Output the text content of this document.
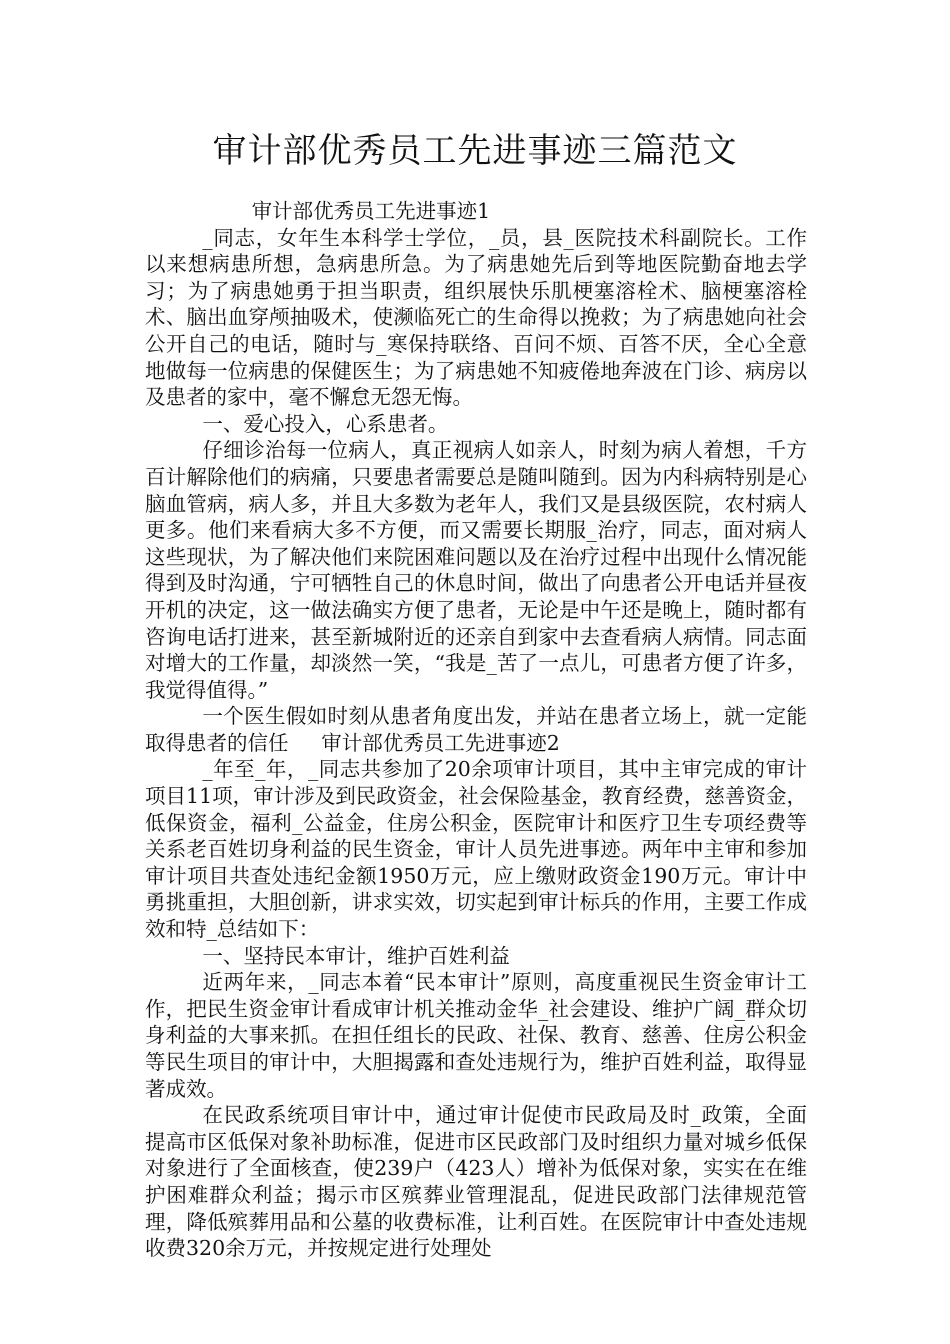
审计部优秀员工先进事迹三篇范文

审计部优秀员工先进事迹1

_同志，女年生本科学士学位，_员，县_医院技术科副院长。工作以来想病患所想，急病患所急。为了病患她先后到等地医院勤奋地去学习；为了病患她勇于担当职责，组织展快乐肌梗塞溶栓术、脑梗塞溶栓术、脑出血穿颅抽吸术，使濒临死亡的生命得以挽救；为了病患她向社会公开自己的电话，随时与_寒保持联络、百问不烦、百答不厌，全心全意地做每一位病患的保健医生；为了病患她不知疲倦地奔波在门诊、病房以及患者的家中，毫不懈怠无怨无悔。

一、爱心投入，心系患者。

仔细诊治每一位病人，真正视病人如亲人，时刻为病人着想，千方百计解除他们的病痛，只要患者需要总是随叫随到。因为内科病特别是心脑血管病，病人多，并且大多数为老年人，我们又是县级医院，农村病人更多。他们来看病大多不方便，而又需要长期服_治疗，同志，面对病人这些现状，为了解决他们来院困难问题以及在治疗过程中出现什么情况能得到及时沟通，宁可牺牲自己的休息时间，做出了向患者公开电话并昼夜开机的决定，这一做法确实方便了患者，无论是中午还是晚上，随时都有咨询电话打进来，甚至新城附近的还亲自到家中去查看病人病情。同志面对增大的工作量，却淡然一笑，“我是_苦了一点儿，可患者方便了许多，我觉得值得。”

一个医生假如时刻从患者角度出发，并站在患者立场上，就一定能取得患者的信任 审计部优秀员工先进事迹2

_年至_年，_同志共参加了20余项审计项目，其中主审完成的审计项目11项，审计涉及到民政资金，社会保险基金，教育经费，慈善资金，低保资金，福利_公益金，住房公积金，医院审计和医疗卫生专项经费等关系老百姓切身利益的民生资金，审计人员先进事迹。两年中主审和参加审计项目共查处违纪金额1950万元，应上缴财政资金190万元。审计中勇挑重担，大胆创新，讲求实效，切实起到审计标兵的作用，主要工作成效和特_总结如下：

一、坚持民本审计，维护百姓利益

近两年来，_同志本着“民本审计”原则，高度重视民生资金审计工作，把民生资金审计看成审计机关推动金华_社会建设、维护广阔_群众切身利益的大事来抓。在担任组长的民政、社保、教育、慈善、住房公积金等民生项目的审计中，大胆揭露和查处违规行为，维护百姓利益，取得显著成效。

在民政系统项目审计中，通过审计促使市民政局及时_政策，全面提高市区低保对象补助标准，促进市区民政部门及时组织力量对城乡低保对象进行了全面核查，使239户（423人）增补为低保对象，实实在在维护困难群众利益；揭示市区殡葬业管理混乱，促进民政部门法律规范管理，降低殡葬用品和公墓的收费标准，让利百姓。在医院审计中查处违规收费320余万元，并按规定进行处理处
